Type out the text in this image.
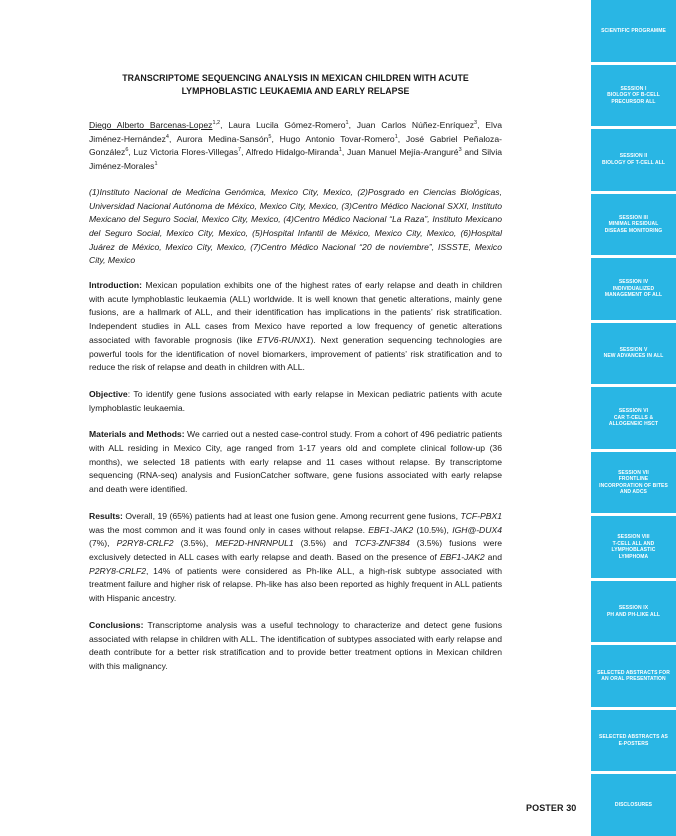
TRANSCRIPTOME SEQUENCING ANALYSIS IN MEXICAN CHILDREN WITH ACUTE
LYMPHOBLASTIC LEUKAEMIA AND EARLY RELAPSE

Diego Alberto Barcenas-Lopez$^{1,2}$, Laura Lucila Gómez-Romero$^1$, Juan Carlos Núñez-Enríquez$^3$, Elva Jiménez-Hernández$^4$, Aurora Medina-Sansón$^5$, Hugo Antonio Tovar-Romero$^1$, José Gabriel Peñaloza-González$^6$, Luz Victoria Flores-Villegas$^7$, Alfredo Hidalgo-Miranda$^1$, Juan Manuel Mejía-Aranguré$^3$ and Silvia Jiménez-Morales$^1$

(1)Instituto Nacional de Medicina Genómica, Mexico City, Mexico, (2)Posgrado en Ciencias Biológicas, Universidad Nacional Autónoma de México, Mexico City, Mexico, (3)Centro Médico Nacional SXXI, Instituto Mexicano del Seguro Social, Mexico City, Mexico, (4)Centro Médico Nacional “La Raza”, Instituto Mexicano del Seguro Social, Mexico City, Mexico, (5)Hospital Infantil de México, Mexico City, Mexico, (6)Hospital Juárez de México, Mexico City, Mexico, (7)Centro Médico Nacional “20 de noviembre”, ISSSTE, Mexico City, Mexico

Introduction: Mexican population exhibits one of the highest rates of early relapse and death in children with acute lymphoblastic leukaemia (ALL) worldwide. It is well known that genetic alterations, mainly gene fusions, are a hallmark of ALL, and their identification has implications in the patients’ risk stratification. Independent studies in ALL cases from Mexico have reported a low frequency of genetic alterations associated with favorable prognosis (like ETV6-RUNX1). Next generation sequencing technologies are powerful tools for the identification of novel biomarkers, improvement of patients’ risk stratification and to reduce the risk of relapse and death in children with ALL.

Objective: To identify gene fusions associated with early relapse in Mexican pediatric patients with acute lymphoblastic leukaemia.

Materials and Methods: We carried out a nested case-control study. From a cohort of 496 pediatric patients with ALL residing in Mexico City, age ranged from 1-17 years old and complete clinical follow-up (36 months), we selected 18 patients with early relapse and 11 cases without relapse. By transcriptome sequencing (RNA-seq) analysis and FusionCatcher software, gene fusions associated with early relapse and death were identified.

Results: Overall, 19 (65%) patients had at least one fusion gene. Among recurrent gene fusions, TCF-PBX1 was the most common and it was found only in cases without relapse. EBF1-JAK2 (10.5%), IGH@-DUX4 (7%), P2RY8-CRLF2 (3.5%), MEF2D-HNRNPUL1 (3.5%) and TCF3-ZNF384 (3.5%) fusions were exclusively detected in ALL cases with early relapse and death. Based on the presence of EBF1-JAK2 and P2RY8-CRLF2, 14% of patients were considered as Ph-like ALL, a high-risk subtype associated with treatment failure and higher risk of relapse. Ph-like has also been reported as highly frequent in ALL patients with Hispanic ancestry.

Conclusions: Transcriptome analysis was a useful technology to characterize and detect gene fusions associated with relapse in children with ALL. The identification of subtypes associated with early relapse and death contribute for a better risk stratification and to provide better treatment options in Mexican children with this malignancy.

POSTER 30
SCIENTIFIC PROGRAMME
SESSION I
BIOLOGY OF B-CELL PRECURSOR ALL
SESSION II
BIOLOGY OF T-CELL ALL
SESSION III
MINIMAL RESIDUAL DISEASE MONITORING
SESSION IV
INDIVIDUALIZED MANAGEMENT OF ALL
SESSION V
NEW ADVANCES IN ALL
SESSION VI
CAR T-CELLS & ALLOGENEIC HSCT
SESSION VII
FRONTLINE INCORPORATION OF BITES AND ADCS
SESSION VIII
T-CELL ALL AND LYMPHOBLASTIC LYMPHOMA
SESSION IX
PH AND PH-LIKE ALL
SELECTED ABSTRACTS FOR AN ORAL PRESENTATION
SELECTED ABSTRACTS AS E-POSTERS
DISCLOSURES
